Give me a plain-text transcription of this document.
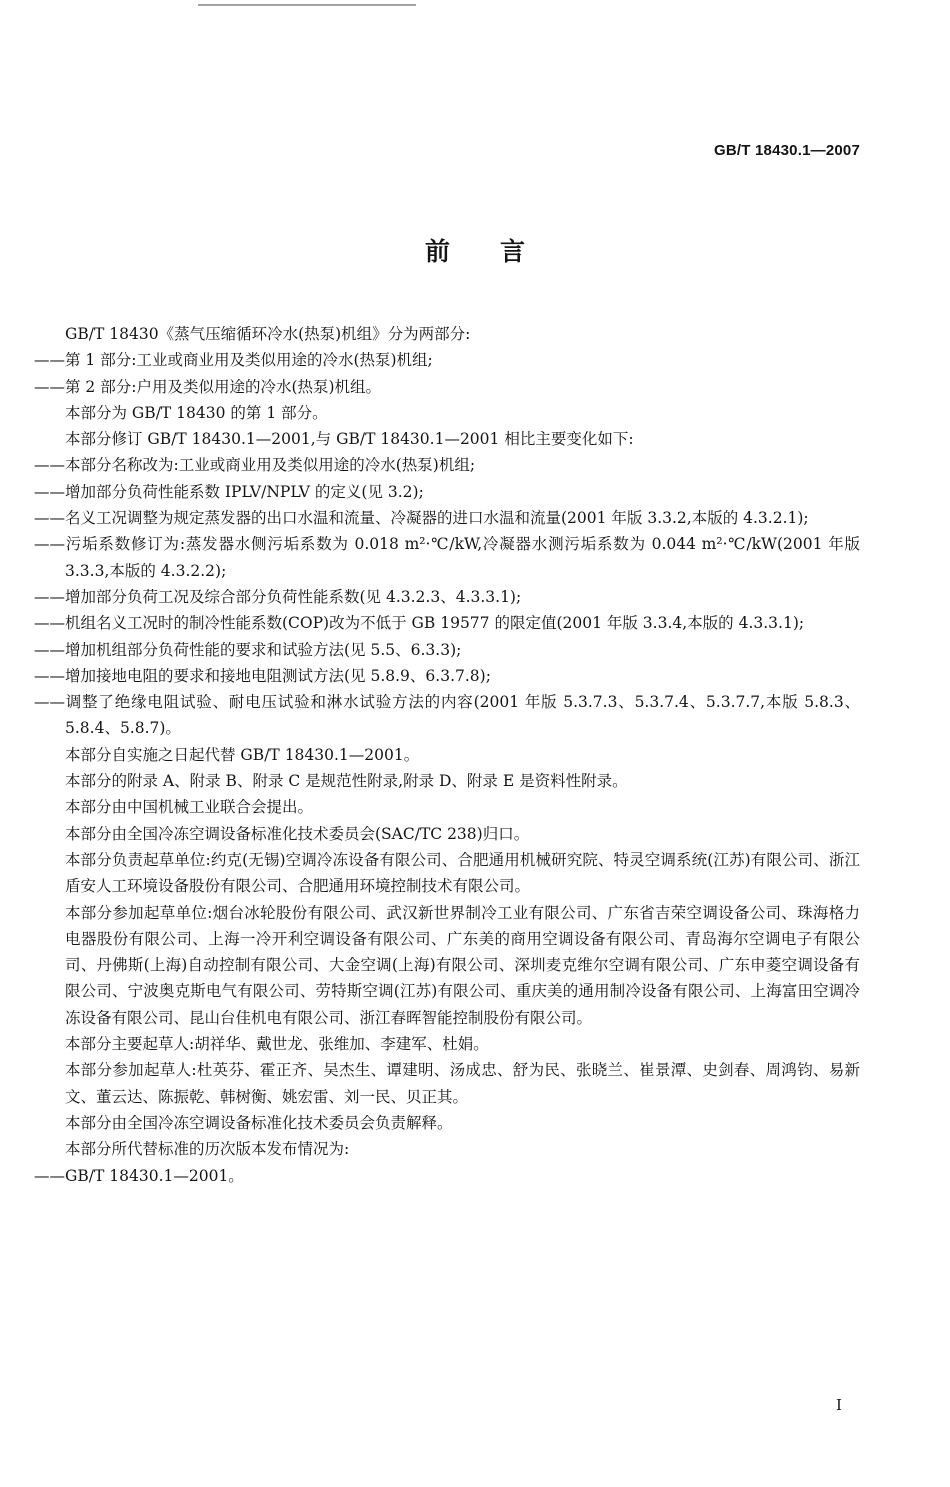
GB/T 18430.1—2007
前言

GB/T 18430《蒸气压缩循环冷水(热泵)机组》分为两部分:

——第 1 部分:工业或商业用及类似用途的冷水(热泵)机组;

——第 2 部分:户用及类似用途的冷水(热泵)机组。

本部分为 GB/T 18430 的第 1 部分。

本部分修订 GB/T 18430.1—2001,与 GB/T 18430.1—2001 相比主要变化如下:

——本部分名称改为:工业或商业用及类似用途的冷水(热泵)机组;

——增加部分负荷性能系数 IPLV/NPLV 的定义(见 3.2);

——名义工况调整为规定蒸发器的出口水温和流量、冷凝器的进口水温和流量(2001 年版 3.3.2,本版的 4.3.2.1);

——污垢系数修订为:蒸发器水侧污垢系数为 0.018 m²·℃/kW,冷凝器水测污垢系数为 0.044 m²·℃/kW(2001 年版 3.3.3,本版的 4.3.2.2);

——增加部分负荷工况及综合部分负荷性能系数(见 4.3.2.3、4.3.3.1);

——机组名义工况时的制冷性能系数(COP)改为不低于 GB 19577 的限定值(2001 年版 3.3.4,本版的 4.3.3.1);

——增加机组部分负荷性能的要求和试验方法(见 5.5、6.3.3);

——增加接地电阻的要求和接地电阻测试方法(见 5.8.9、6.3.7.8);

——调整了绝缘电阻试验、耐电压试验和淋水试验方法的内容(2001 年版 5.3.7.3、5.3.7.4、5.3.7.7,本版 5.8.3、5.8.4、5.8.7)。

本部分自实施之日起代替 GB/T 18430.1—2001。

本部分的附录 A、附录 B、附录 C 是规范性附录,附录 D、附录 E 是资料性附录。

本部分由中国机械工业联合会提出。

本部分由全国冷冻空调设备标准化技术委员会(SAC/TC 238)归口。

本部分负责起草单位:约克(无锡)空调冷冻设备有限公司、合肥通用机械研究院、特灵空调系统(江苏)有限公司、浙江盾安人工环境设备股份有限公司、合肥通用环境控制技术有限公司。

本部分参加起草单位:烟台冰轮股份有限公司、武汉新世界制冷工业有限公司、广东省吉荣空调设备公司、珠海格力电器股份有限公司、上海一冷开利空调设备有限公司、广东美的商用空调设备有限公司、青岛海尔空调电子有限公司、丹佛斯(上海)自动控制有限公司、大金空调(上海)有限公司、深圳麦克维尔空调有限公司、广东申菱空调设备有限公司、宁波奥克斯电气有限公司、劳特斯空调(江苏)有限公司、重庆美的通用制冷设备有限公司、上海富田空调冷冻设备有限公司、昆山台佳机电有限公司、浙江春晖智能控制股份有限公司。

本部分主要起草人:胡祥华、戴世龙、张维加、李建军、杜娟。

本部分参加起草人:杜英芬、霍正齐、吴杰生、谭建明、汤成忠、舒为民、张晓兰、崔景潭、史剑春、周鸿钧、易新文、董云达、陈振乾、韩树衡、姚宏雷、刘一民、贝正其。

本部分由全国冷冻空调设备标准化技术委员会负责解释。

本部分所代替标准的历次版本发布情况为:

——GB/T 18430.1—2001。

I
